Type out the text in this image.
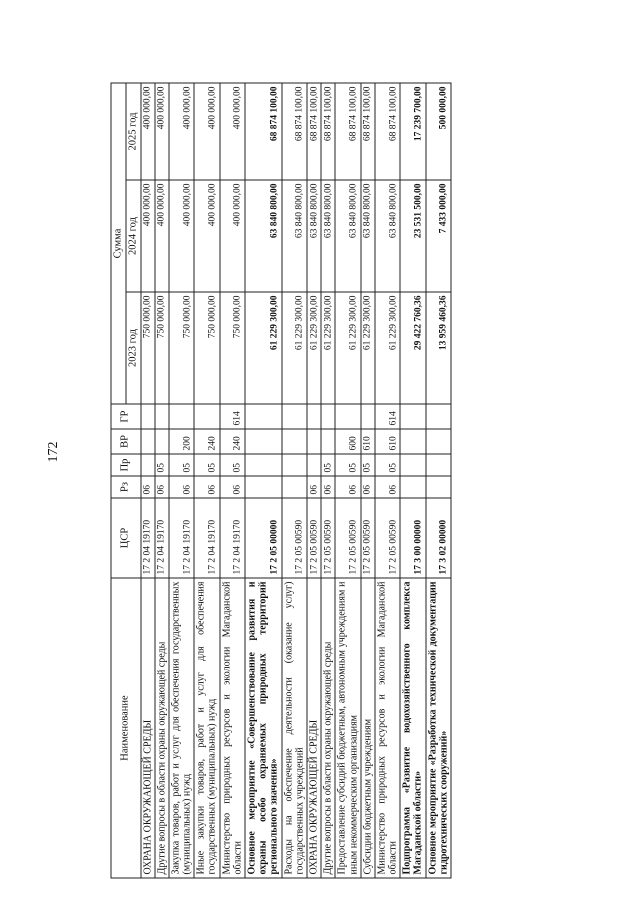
172
Наименование	ЦСР	Рз	Пр	ВР	ГР	Сумма		
						2023 год	2024 год	2025 год
ОХРАНА ОКРУЖАЮЩЕЙ СРЕДЫ	17 2 04 19170	06				750 000,00	400 000,00	400 000,00
Другие вопросы в области охраны окружающей среды	17 2 04 19170	06	05			750 000,00	400 000,00	400 000,00
Закупка товаров, работ и услуг для обеспечения государственных (муниципальных) нужд	17 2 04 19170	06	05	200		750 000,00	400 000,00	400 000,00
Иные закупки товаров, работ и услуг для обеспечения государственных (муниципальных) нужд	17 2 04 19170	06	05	240		750 000,00	400 000,00	400 000,00
Министерство природных ресурсов и экологии Магаданской области	17 2 04 19170	06	05	240	614	750 000,00	400 000,00	400 000,00
Основное мероприятие «Совершенствование развития и охраны особо охраняемых природных территорий регионального значения»	17 2 05 00000					61 229 300,00	63 840 800,00	68 874 100,00
Расходы на обеспечение деятельности (оказание услуг) государственных учреждений	17 2 05 00590					61 229 300,00	63 840 800,00	68 874 100,00
ОХРАНА ОКРУЖАЮЩЕЙ СРЕДЫ	17 2 05 00590	06				61 229 300,00	63 840 800,00	68 874 100,00
Другие вопросы в области охраны окружающей среды	17 2 05 00590	06	05			61 229 300,00	63 840 800,00	68 874 100,00
Предоставление субсидий бюджетным, автономным учреждениям и иным некоммерческим организациям	17 2 05 00590	06	05	600		61 229 300,00	63 840 800,00	68 874 100,00
Субсидии бюджетным учреждениям	17 2 05 00590	06	05	610		61 229 300,00	63 840 800,00	68 874 100,00
Министерство природных ресурсов и экологии Магаданской области	17 2 05 00590	06	05	610	614	61 229 300,00	63 840 800,00	68 874 100,00
Подпрограмма «Развитие водохозяйственного комплекса Магаданской области»	17 3 00 00000					29 422 760,36	23 531 500,00	17 239 700,00
Основное мероприятие «Разработка технической документации гидротехнических сооружений»	17 3 02 00000					13 959 460,36	7 433 000,00	500 000,00
